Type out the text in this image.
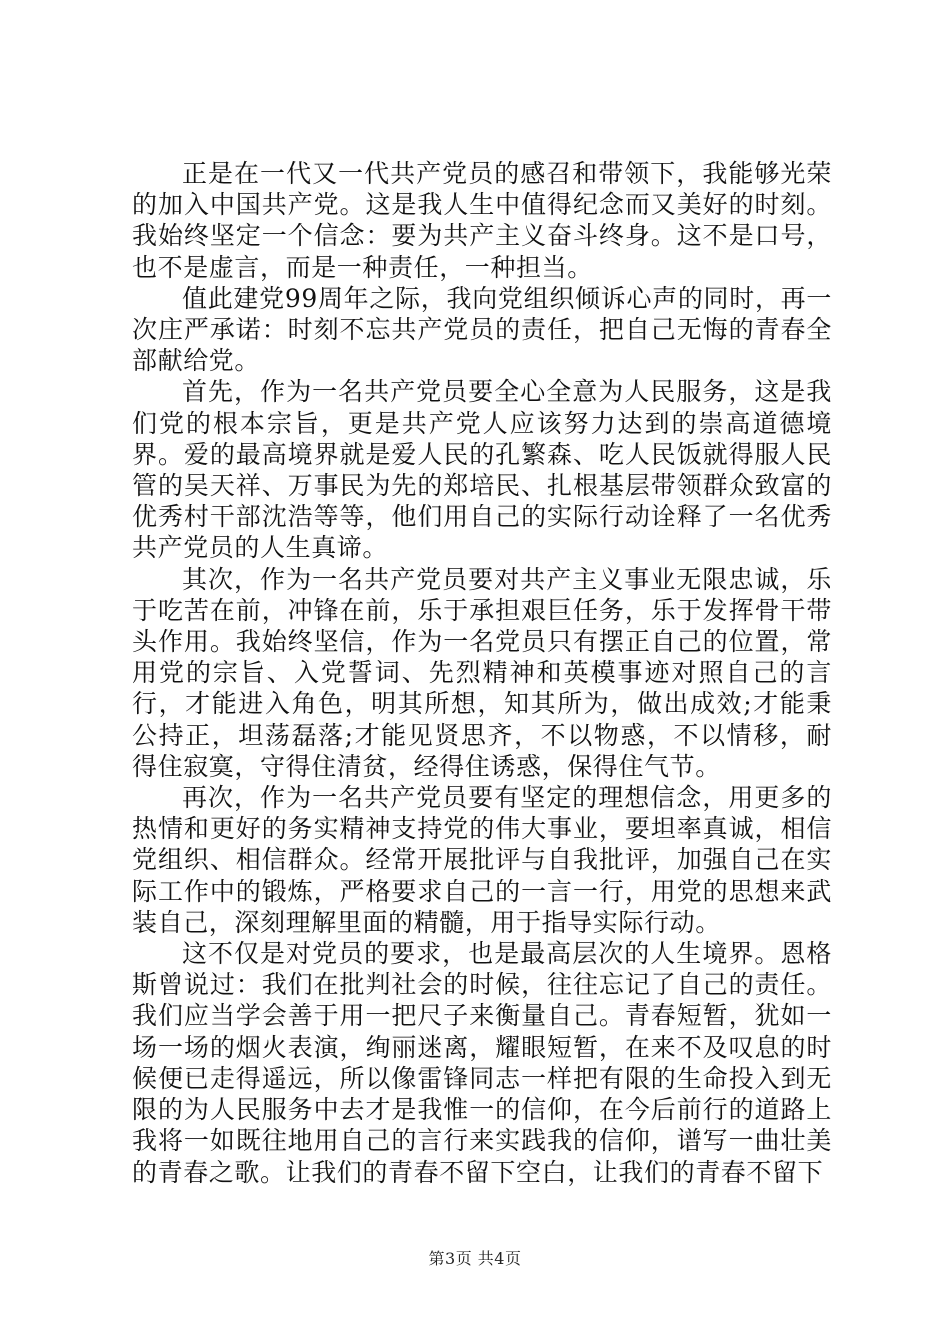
正是在一代又一代共产党员的感召和带领下，我能够光荣的加入中国共产党。这是我人生中值得纪念而又美好的时刻。我始终坚定一个信念：要为共产主义奋斗终身。这不是口号，也不是虚言，而是一种责任，一种担当。

值此建党99周年之际，我向党组织倾诉心声的同时，再一次庄严承诺：时刻不忘共产党员的责任，把自己无悔的青春全部献给党。

首先，作为一名共产党员要全心全意为人民服务，这是我们党的根本宗旨，更是共产党人应该努力达到的崇高道德境界。爱的最高境界就是爱人民的孔繁森、吃人民饭就得服人民管的吴天祥、万事民为先的郑培民、扎根基层带领群众致富的优秀村干部沈浩等等，他们用自己的实际行动诠释了一名优秀共产党员的人生真谛。

其次，作为一名共产党员要对共产主义事业无限忠诚，乐于吃苦在前，冲锋在前，乐于承担艰巨任务，乐于发挥骨干带头作用。我始终坚信，作为一名党员只有摆正自己的位置，常用党的宗旨、入党誓词、先烈精神和英模事迹对照自己的言行，才能进入角色，明其所想，知其所为，做出成效;才能秉公持正，坦荡磊落;才能见贤思齐，不以物惑，不以情移，耐得住寂寞，守得住清贫，经得住诱惑，保得住气节。

再次，作为一名共产党员要有坚定的理想信念，用更多的热情和更好的务实精神支持党的伟大事业，要坦率真诚，相信党组织、相信群众。经常开展批评与自我批评，加强自己在实际工作中的锻炼，严格要求自己的一言一行，用党的思想来武装自己，深刻理解里面的精髓，用于指导实际行动。

这不仅是对党员的要求，也是最高层次的人生境界。恩格斯曾说过：我们在批判社会的时候，往往忘记了自己的责任。我们应当学会善于用一把尺子来衡量自己。青春短暂，犹如一场一场的烟火表演，绚丽迷离，耀眼短暂，在来不及叹息的时候便已走得遥远，所以像雷锋同志一样把有限的生命投入到无限的为人民服务中去才是我惟一的信仰，在今后前行的道路上我将一如既往地用自己的言行来实践我的信仰，谱写一曲壮美的青春之歌。让我们的青春不留下空白，让我们的青春不留下

第3页 共4页
